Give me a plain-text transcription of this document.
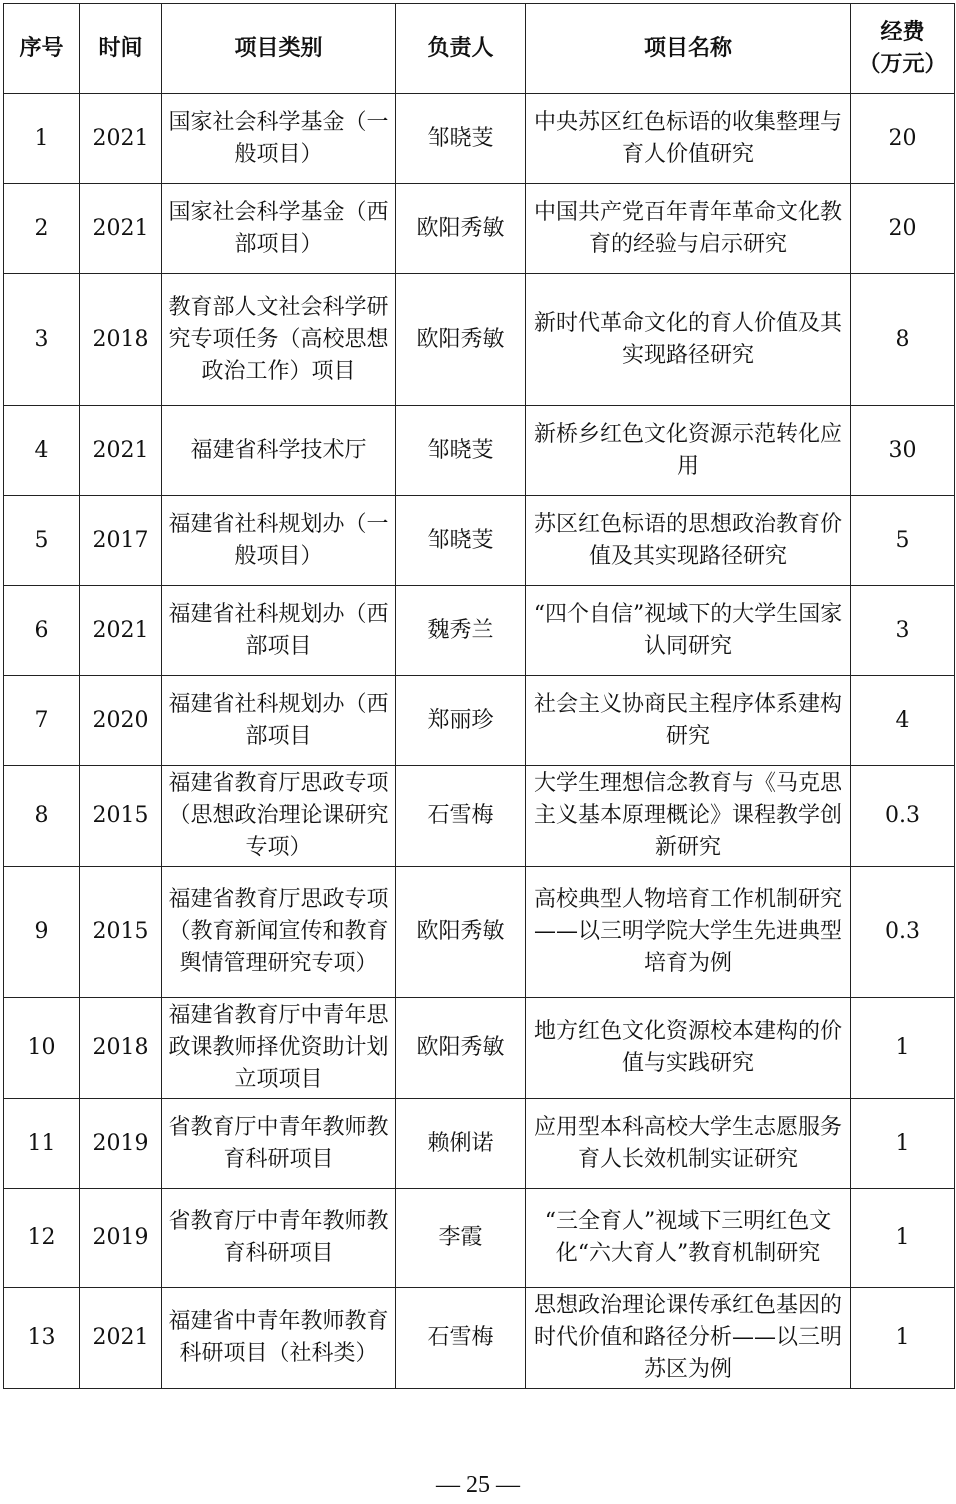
序号	时间	项目类别	负责人	项目名称	经费
（万元）

1	2021	国家社会科学基金（一般项目）	邹晓芰	中央苏区红色标语的收集整理与育人价值研究	20
2	2021	国家社会科学基金（西部项目）	欧阳秀敏	中国共产党百年青年革命文化教育的经验与启示研究	20
3	2018	教育部人文社会科学研究专项任务（高校思想政治工作）项目	欧阳秀敏	新时代革命文化的育人价值及其实现路径研究	8
4	2021	福建省科学技术厅	邹晓芰	新桥乡红色文化资源示范转化应用	30
5	2017	福建省社科规划办（一般项目）	邹晓芰	苏区红色标语的思想政治教育价值及其实现路径研究	5
6	2021	福建省社科规划办（西部项目	魏秀兰	“四个自信”视域下的大学生国家认同研究	3
7	2020	福建省社科规划办（西部项目	郑丽珍	社会主义协商民主程序体系建构研究	4
8	2015	福建省教育厅思政专项（思想政治理论课研究专项）	石雪梅	大学生理想信念教育与《马克思主义基本原理概论》课程教学创新研究	0.3
9	2015	福建省教育厅思政专项（教育新闻宣传和教育舆情管理研究专项）	欧阳秀敏	高校典型人物培育工作机制研究——以三明学院大学生先进典型培育为例	0.3
10	2018	福建省教育厅中青年思政课教师择优资助计划立项项目	欧阳秀敏	地方红色文化资源校本建构的价值与实践研究	1
11	2019	省教育厅中青年教师教育科研项目	赖俐诺	应用型本科高校大学生志愿服务育人长效机制实证研究	1
12	2019	省教育厅中青年教师教育科研项目	李霞	“三全育人”视域下三明红色文化“六大育人”教育机制研究	1
13	2021	福建省中青年教师教育科研项目（社科类）	石雪梅	思想政治理论课传承红色基因的时代价值和路径分析——以三明苏区为例	1
— 25 —
